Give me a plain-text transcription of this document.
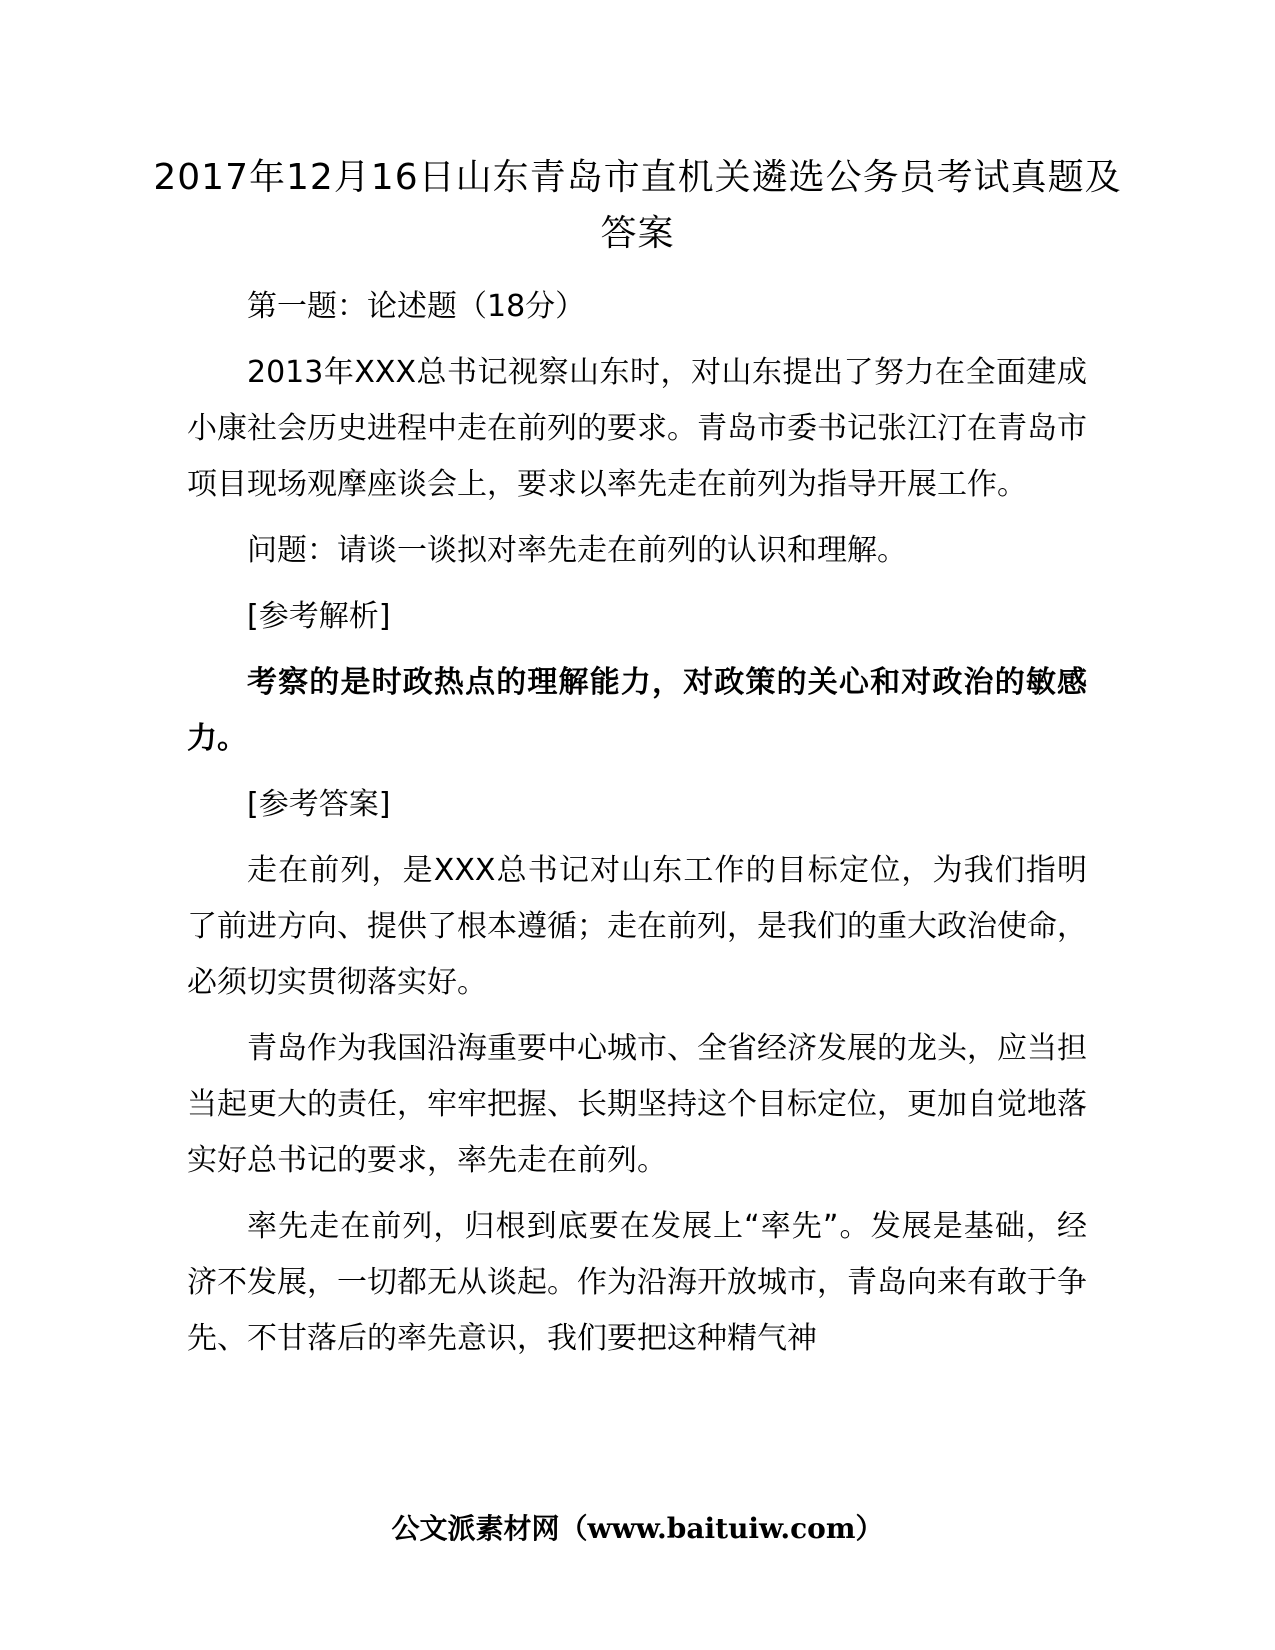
2017年12月16日山东青岛市直机关遴选公务员考试真题及答案

第一题：论述题（18分）

2013年XXX总书记视察山东时，对山东提出了努力在全面建成小康社会历史进程中走在前列的要求。青岛市委书记张江汀在青岛市项目现场观摩座谈会上，要求以率先走在前列为指导开展工作。

问题：请谈一谈拟对率先走在前列的认识和理解。

[参考解析]

考察的是时政热点的理解能力，对政策的关心和对政治的敏感力。

[参考答案]

走在前列，是XXX总书记对山东工作的目标定位，为我们指明了前进方向、提供了根本遵循；走在前列，是我们的重大政治使命，必须切实贯彻落实好。

青岛作为我国沿海重要中心城市、全省经济发展的龙头，应当担当起更大的责任，牢牢把握、长期坚持这个目标定位，更加自觉地落实好总书记的要求，率先走在前列。

率先走在前列，归根到底要在发展上“率先”。发展是基础，经济不发展，一切都无从谈起。作为沿海开放城市，青岛向来有敢于争先、不甘落后的率先意识，我们要把这种精气神

公文派素材网（www.baituiw.com）
